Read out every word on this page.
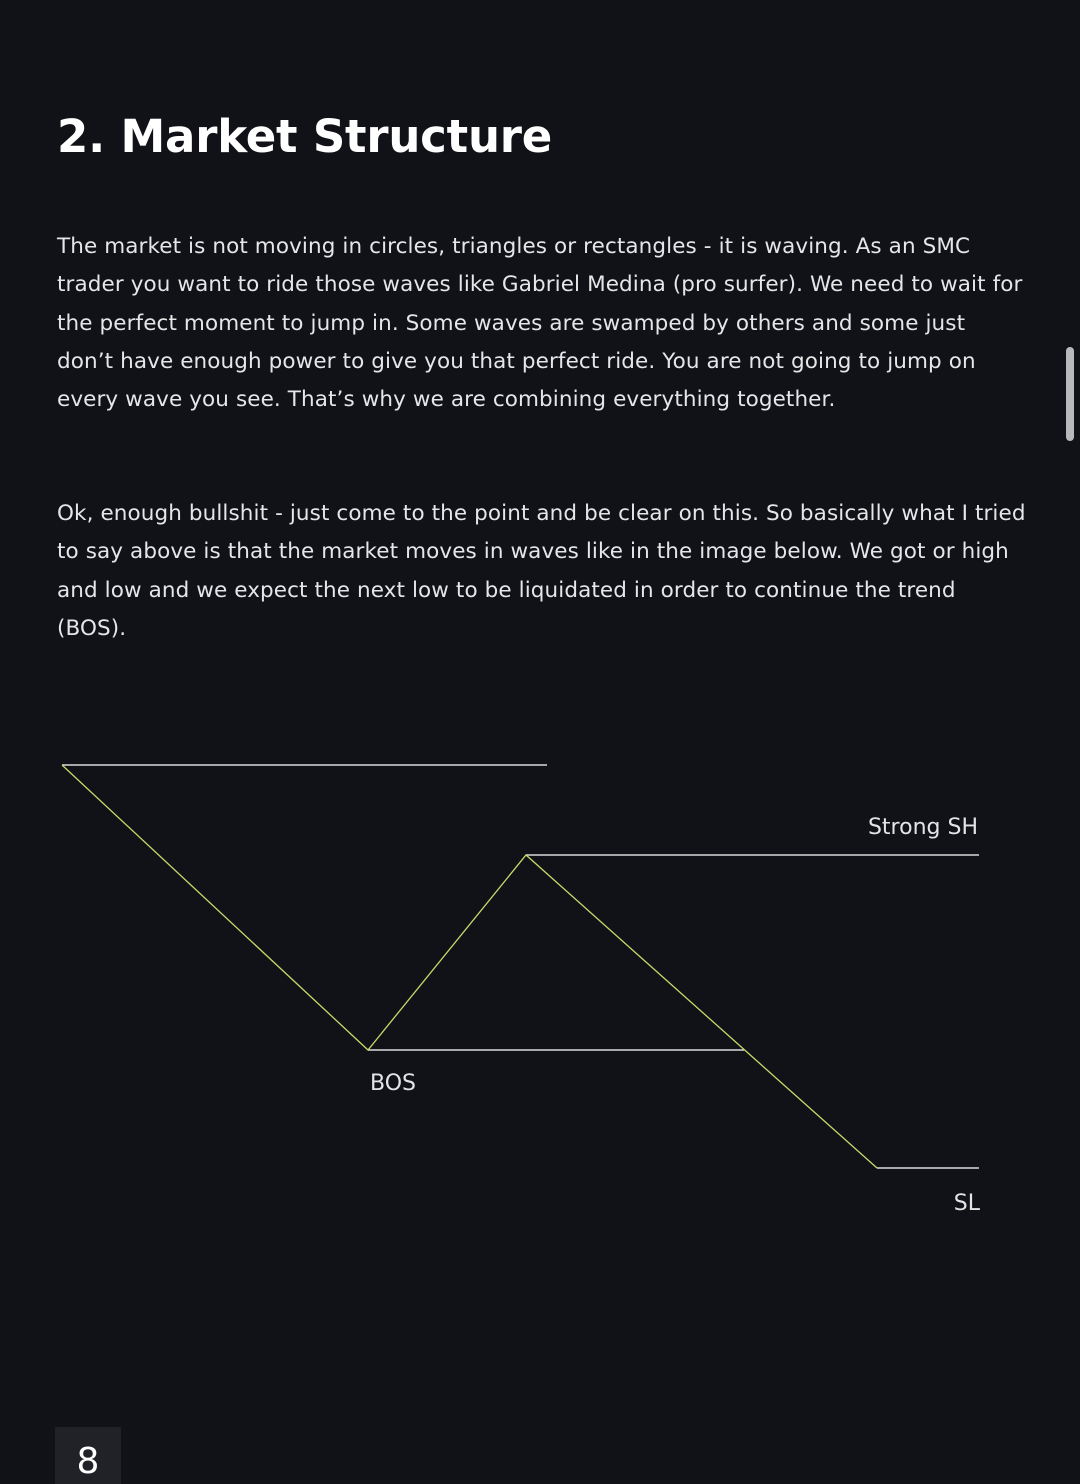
2. Market Structure

The market is not moving in circles, triangles or rectangles - it is waving. As an SMC trader you want to ride those waves like Gabriel Medina (pro surfer). We need to wait for the perfect moment to jump in. Some waves are swamped by others and some just don’t have enough power to give you that perfect ride. You are not going to jump on every wave you see. That’s why we are combining everything together.

Ok, enough bullshit - just come to the point and be clear on this. So basically what I tried to say above is that the market moves in waves like in the image below. We got or high and low and we expect the next low to be liquidated in order to continue the trend (BOS).

Strong SH
BOS
SL
8
